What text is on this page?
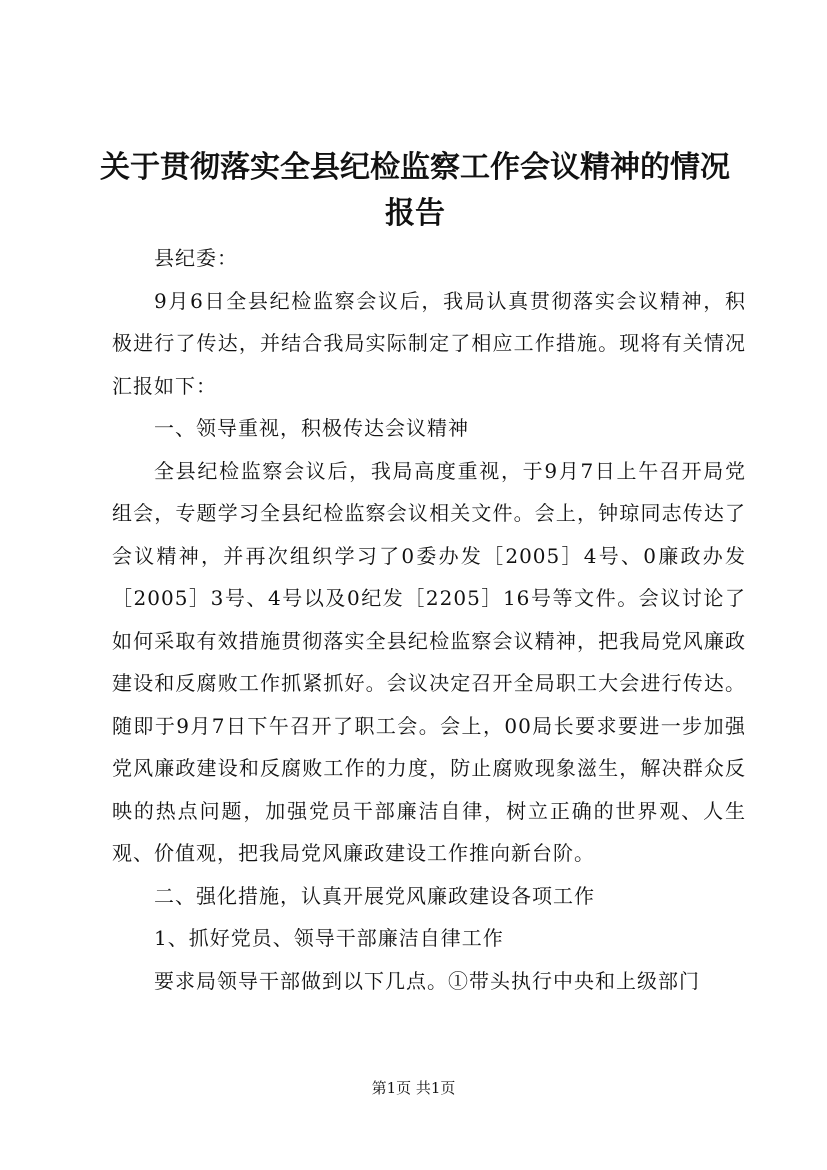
关于贯彻落实全县纪检监察工作会议精神的情况报告

县纪委：

9月6日全县纪检监察会议后，我局认真贯彻落实会议精神，积极进行了传达，并结合我局实际制定了相应工作措施。现将有关情况汇报如下：

一、领导重视，积极传达会议精神

全县纪检监察会议后，我局高度重视，于9月7日上午召开局党组会，专题学习全县纪检监察会议相关文件。会上，钟琼同志传达了会议精神，并再次组织学习了0委办发［2005］4号、0廉政办发［2005］3号、4号以及0纪发［2205］16号等文件。会议讨论了如何采取有效措施贯彻落实全县纪检监察会议精神，把我局党风廉政建设和反腐败工作抓紧抓好。会议决定召开全局职工大会进行传达。随即于9月7日下午召开了职工会。会上，00局长要求要进一步加强党风廉政建设和反腐败工作的力度，防止腐败现象滋生，解决群众反映的热点问题，加强党员干部廉洁自律，树立正确的世界观、人生观、价值观，把我局党风廉政建设工作推向新台阶。

二、强化措施，认真开展党风廉政建设各项工作

1、抓好党员、领导干部廉洁自律工作

要求局领导干部做到以下几点。①带头执行中央和上级部门

第1页 共1页
